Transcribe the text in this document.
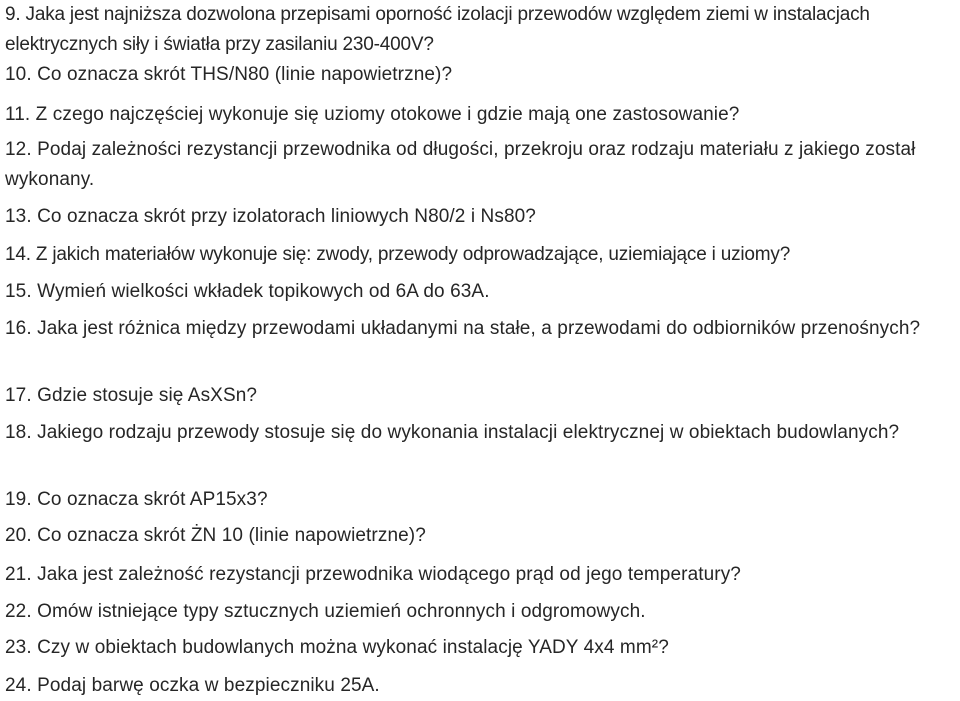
9. Jaka jest najniższa dozwolona przepisami oporność izolacji przewodów względem ziemi w instalacjach elektrycznych siły i światła przy zasilaniu 230-400V?

10. Co oznacza skrót THS/N80 (linie napowietrzne)?

11. Z czego najczęściej wykonuje się uziomy otokowe i gdzie mają one zastosowanie?

12. Podaj zależności rezystancji przewodnika od długości, przekroju oraz rodzaju materiału z jakiego został wykonany.

13. Co oznacza skrót przy izolatorach liniowych N80/2 i Ns80?

14. Z jakich materiałów wykonuje się: zwody, przewody odprowadzające, uziemiające i uziomy?

15. Wymień wielkości wkładek topikowych od 6A do 63A.

16. Jaka jest różnica między przewodami układanymi na stałe, a przewodami do odbiorników przenośnych?

17. Gdzie stosuje się AsXSn?

18. Jakiego rodzaju przewody stosuje się do wykonania instalacji elektrycznej w obiektach budowlanych?

19. Co oznacza skrót AP15x3?

20. Co oznacza skrót ŻN 10 (linie napowietrzne)?

21. Jaka jest zależność rezystancji przewodnika wiodącego prąd od jego temperatury?

22. Omów istniejące typy sztucznych uziemień ochronnych i odgromowych.

23. Czy w obiektach budowlanych można wykonać instalację YADY 4x4 mm²?

24. Podaj barwę oczka w bezpieczniku 25A.
